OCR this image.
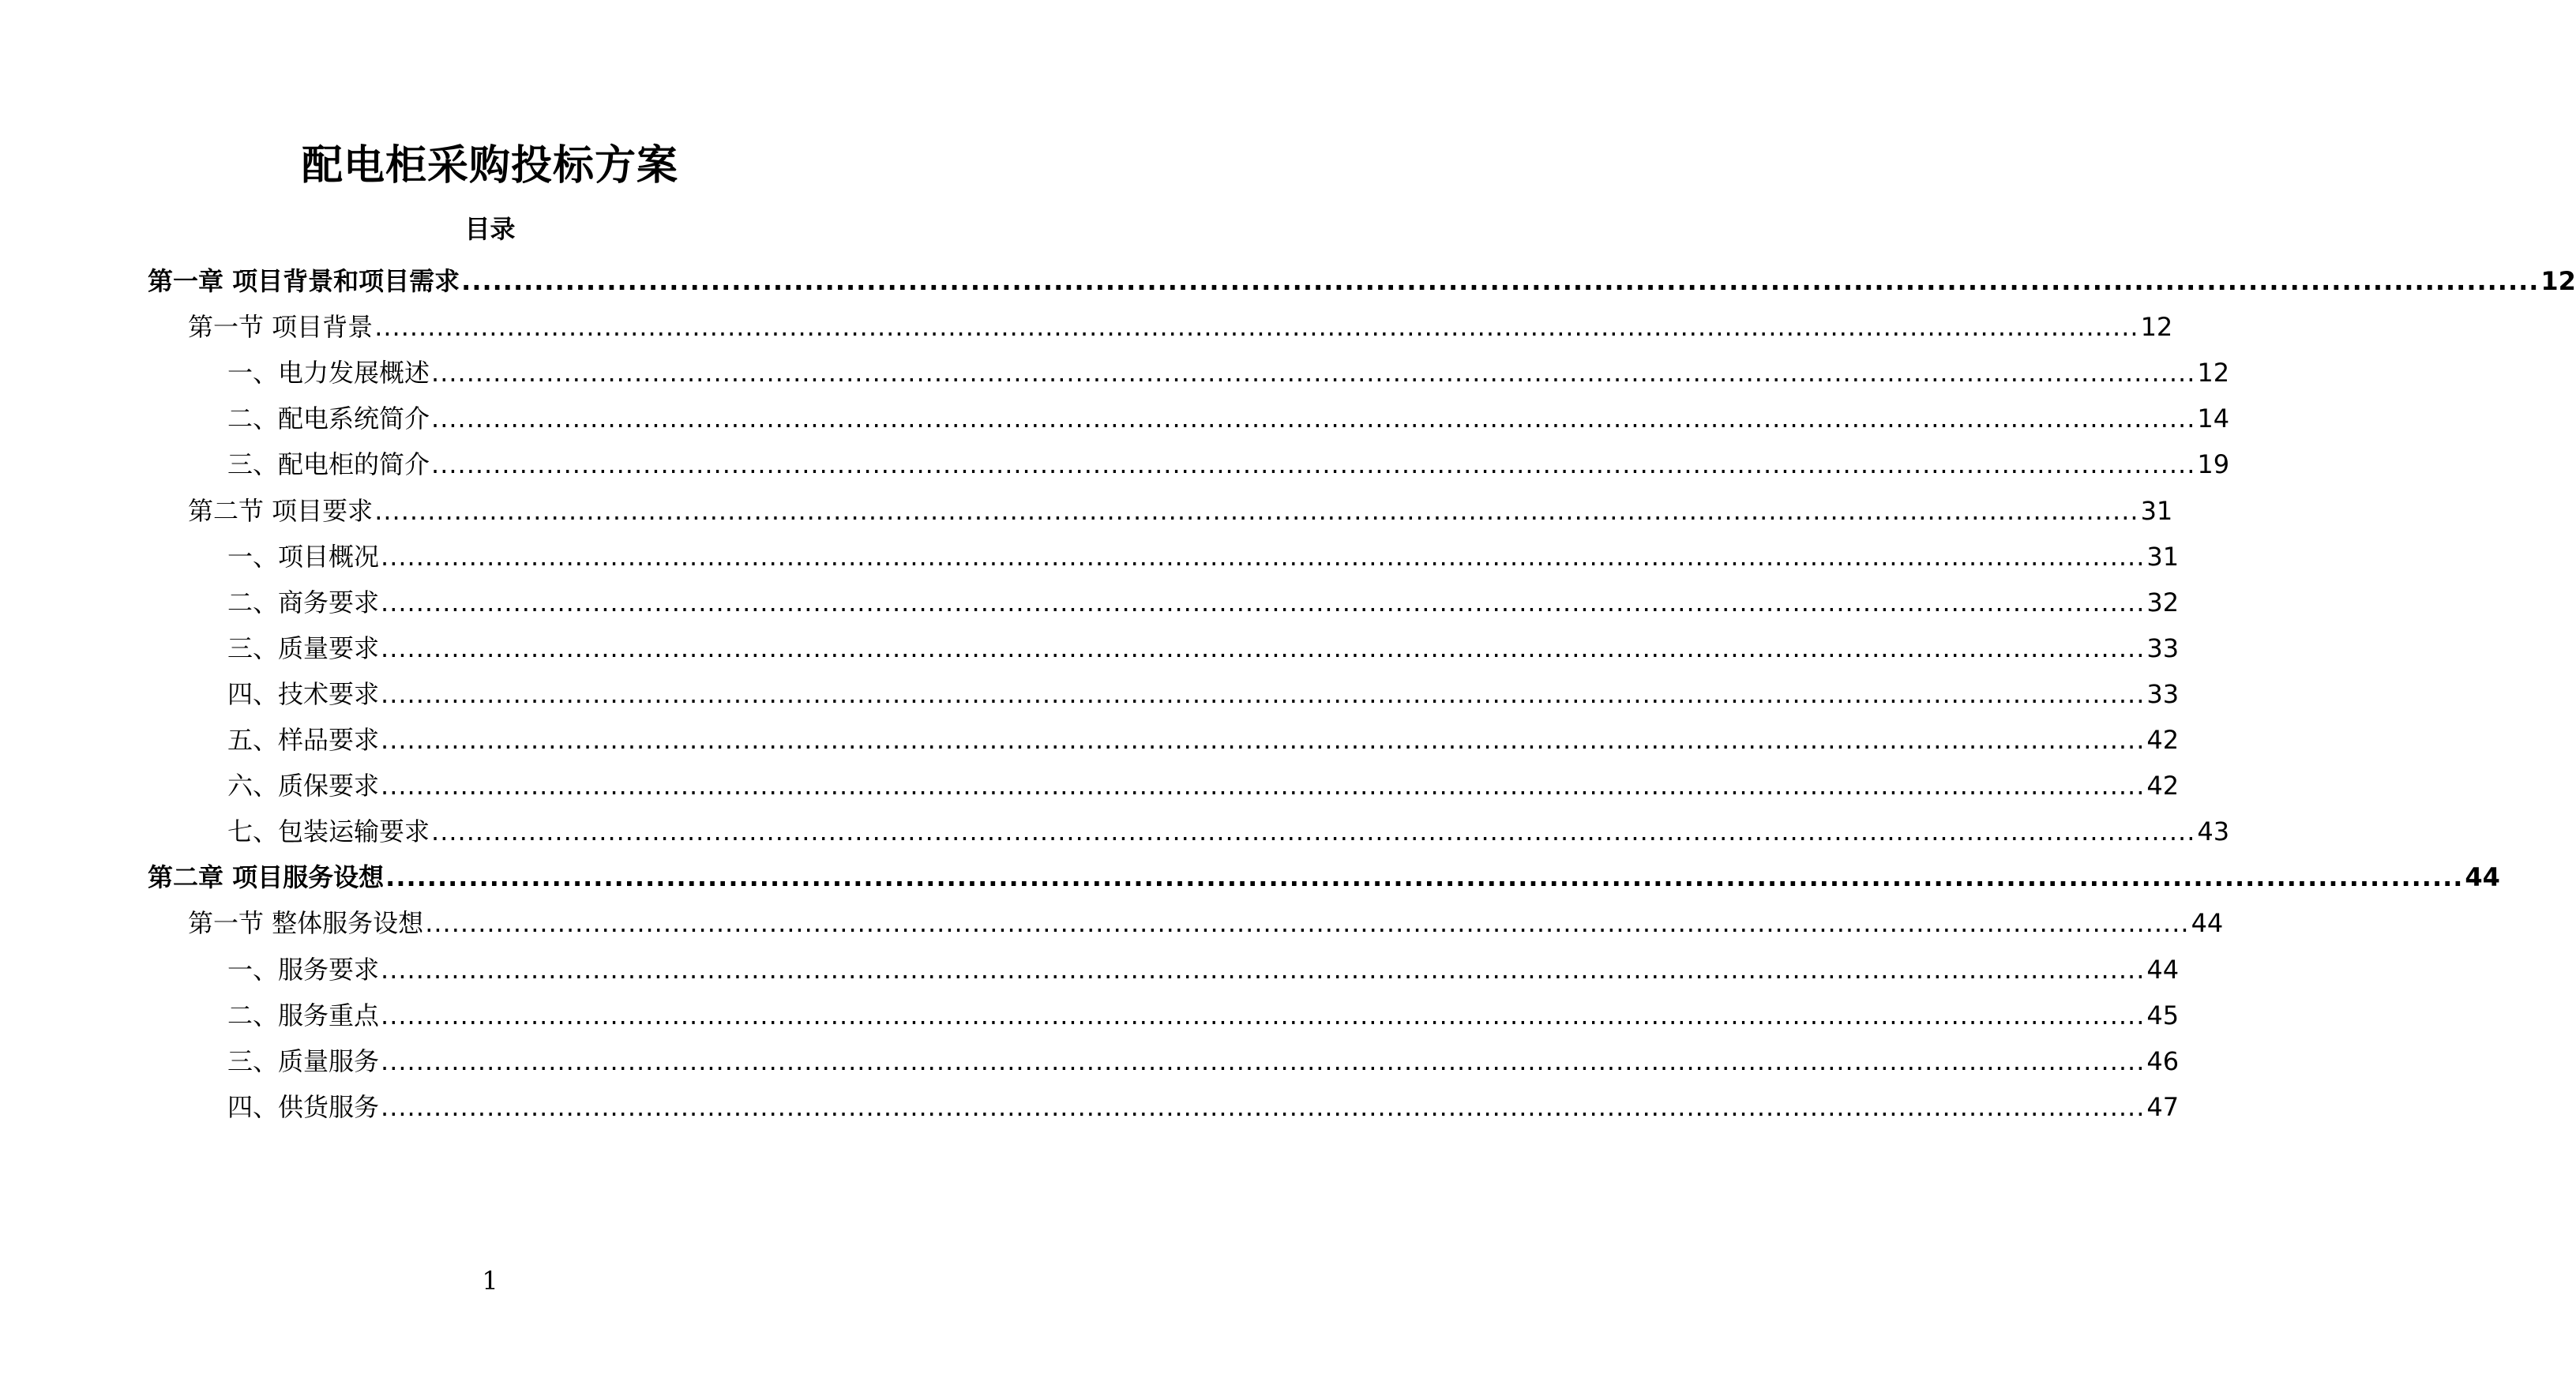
配电柜采购投标方案
目录
第一章 项目背景和项目需求 ........................................................................................................................................................................................................ 12
第一节 项目背景 ........................................................................................................................................................................................................ 12
一、电力发展概述 ........................................................................................................................................................................................................ 12
二、配电系统简介 ........................................................................................................................................................................................................ 14
三、配电柜的简介 ........................................................................................................................................................................................................ 19
第二节 项目要求 ........................................................................................................................................................................................................ 31
一、项目概况 ........................................................................................................................................................................................................ 31
二、商务要求 ........................................................................................................................................................................................................ 32
三、质量要求 ........................................................................................................................................................................................................ 33
四、技术要求 ........................................................................................................................................................................................................ 33
五、样品要求 ........................................................................................................................................................................................................ 42
六、质保要求 ........................................................................................................................................................................................................ 42
七、包装运输要求 ........................................................................................................................................................................................................ 43
第二章 项目服务设想 ........................................................................................................................................................................................................ 44
第一节 整体服务设想 ........................................................................................................................................................................................................ 44
一、服务要求 ........................................................................................................................................................................................................ 44
二、服务重点 ........................................................................................................................................................................................................ 45
三、质量服务 ........................................................................................................................................................................................................ 46
四、供货服务 ........................................................................................................................................................................................................ 47
1
